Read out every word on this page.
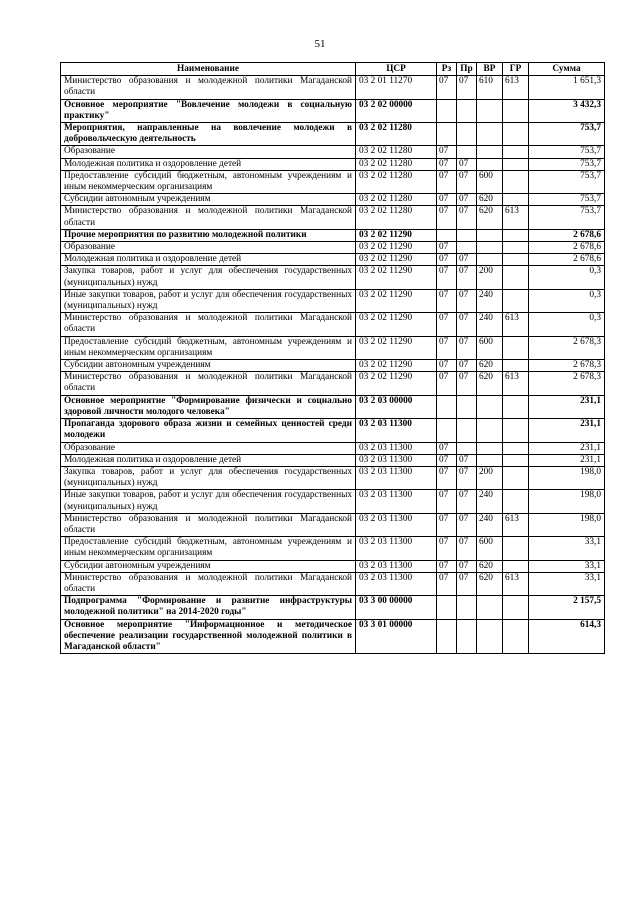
51
Наименование	ЦСР	Рз	Пр	ВР	ГР	Сумма
Министерство образования и молодежной политики Магаданской области	03 2 01 11270	07	07	610	613	1 651,3
Основное мероприятие "Вовлечение молодежи в социальную практику"	03 2 02 00000					3 432,3
Мероприятия, направленные на вовлечение молодежи в добровольческую деятельность	03 2 02 11280					753,7
Образование	03 2 02 11280	07				753,7
Молодежная политика и оздоровление детей	03 2 02 11280	07	07			753,7
Предоставление субсидий бюджетным, автономным учреждениям и иным некоммерческим организациям	03 2 02 11280	07	07	600		753,7
Субсидии автономным учреждениям	03 2 02 11280	07	07	620		753,7
Министерство образования и молодежной политики Магаданской области	03 2 02 11280	07	07	620	613	753,7
Прочие мероприятия по развитию молодежной политики	03 2 02 11290					2 678,6
Образование	03 2 02 11290	07				2 678,6
Молодежная политика и оздоровление детей	03 2 02 11290	07	07			2 678,6
Закупка товаров, работ и услуг для обеспечения государственных (муниципальных) нужд	03 2 02 11290	07	07	200		0,3
Иные закупки товаров, работ и услуг для обеспечения государственных (муниципальных) нужд	03 2 02 11290	07	07	240		0,3
Министерство образования и молодежной политики Магаданской области	03 2 02 11290	07	07	240	613	0,3
Предоставление субсидий бюджетным, автономным учреждениям и иным некоммерческим организациям	03 2 02 11290	07	07	600		2 678,3
Субсидии автономным учреждениям	03 2 02 11290	07	07	620		2 678,3
Министерство образования и молодежной политики Магаданской области	03 2 02 11290	07	07	620	613	2 678,3
Основное мероприятие "Формирование физически и социально здоровой личности молодого человека"	03 2 03 00000					231,1
Пропаганда здорового образа жизни и семейных ценностей среди молодежи	03 2 03 11300					231,1
Образование	03 2 03 11300	07				231,1
Молодежная политика и оздоровление детей	03 2 03 11300	07	07			231,1
Закупка товаров, работ и услуг для обеспечения государственных (муниципальных) нужд	03 2 03 11300	07	07	200		198,0
Иные закупки товаров, работ и услуг для обеспечения государственных (муниципальных) нужд	03 2 03 11300	07	07	240		198,0
Министерство образования и молодежной политики Магаданской области	03 2 03 11300	07	07	240	613	198,0
Предоставление субсидий бюджетным, автономным учреждениям и иным некоммерческим организациям	03 2 03 11300	07	07	600		33,1
Субсидии автономным учреждениям	03 2 03 11300	07	07	620		33,1
Министерство образования и молодежной политики Магаданской области	03 2 03 11300	07	07	620	613	33,1
Подпрограмма "Формирование и развитие инфраструктуры молодежной политики" на 2014-2020 годы"	03 3 00 00000					2 157,5
Основное мероприятие "Информационное и методическое обеспечение реализации государственной молодежной политики в Магаданской области"	03 3 01 00000					614,3
